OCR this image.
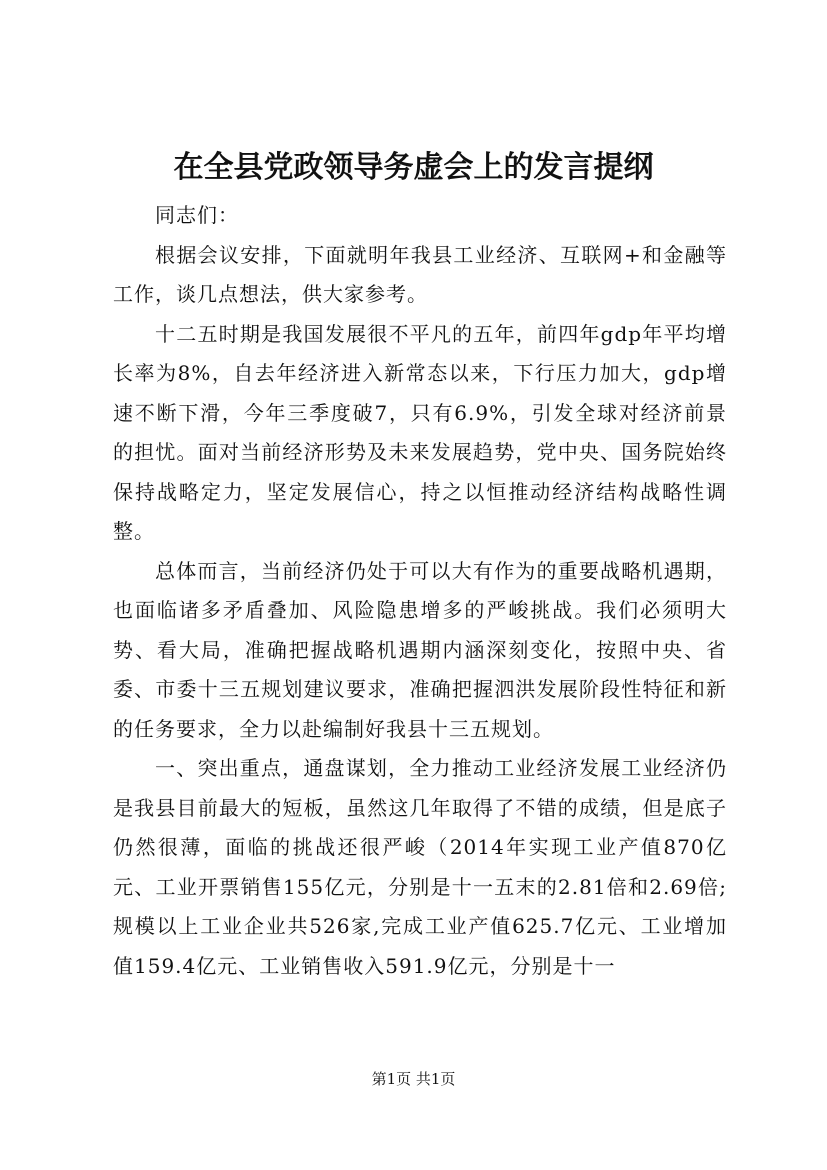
在全县党政领导务虚会上的发言提纲

同志们：

根据会议安排，下面就明年我县工业经济、互联网+和金融等工作，谈几点想法，供大家参考。

十二五时期是我国发展很不平凡的五年，前四年gdp年平均增长率为8%，自去年经济进入新常态以来，下行压力加大，gdp增速不断下滑，今年三季度破7，只有6.9%，引发全球对经济前景的担忧。面对当前经济形势及未来发展趋势，党中央、国务院始终保持战略定力，坚定发展信心，持之以恒推动经济结构战略性调整。

总体而言，当前经济仍处于可以大有作为的重要战略机遇期，也面临诸多矛盾叠加、风险隐患增多的严峻挑战。我们必须明大势、看大局，准确把握战略机遇期内涵深刻变化，按照中央、省委、市委十三五规划建议要求，准确把握泗洪发展阶段性特征和新的任务要求，全力以赴编制好我县十三五规划。

一、突出重点，通盘谋划，全力推动工业经济发展工业经济仍是我县目前最大的短板，虽然这几年取得了不错的成绩，但是底子仍然很薄，面临的挑战还很严峻（2014年实现工业产值870亿元、工业开票销售155亿元，分别是十一五末的2.81倍和2.69倍;规模以上工业企业共526家,完成工业产值625.7亿元、工业增加值159.4亿元、工业销售收入591.9亿元，分别是十一

第1页 共1页
